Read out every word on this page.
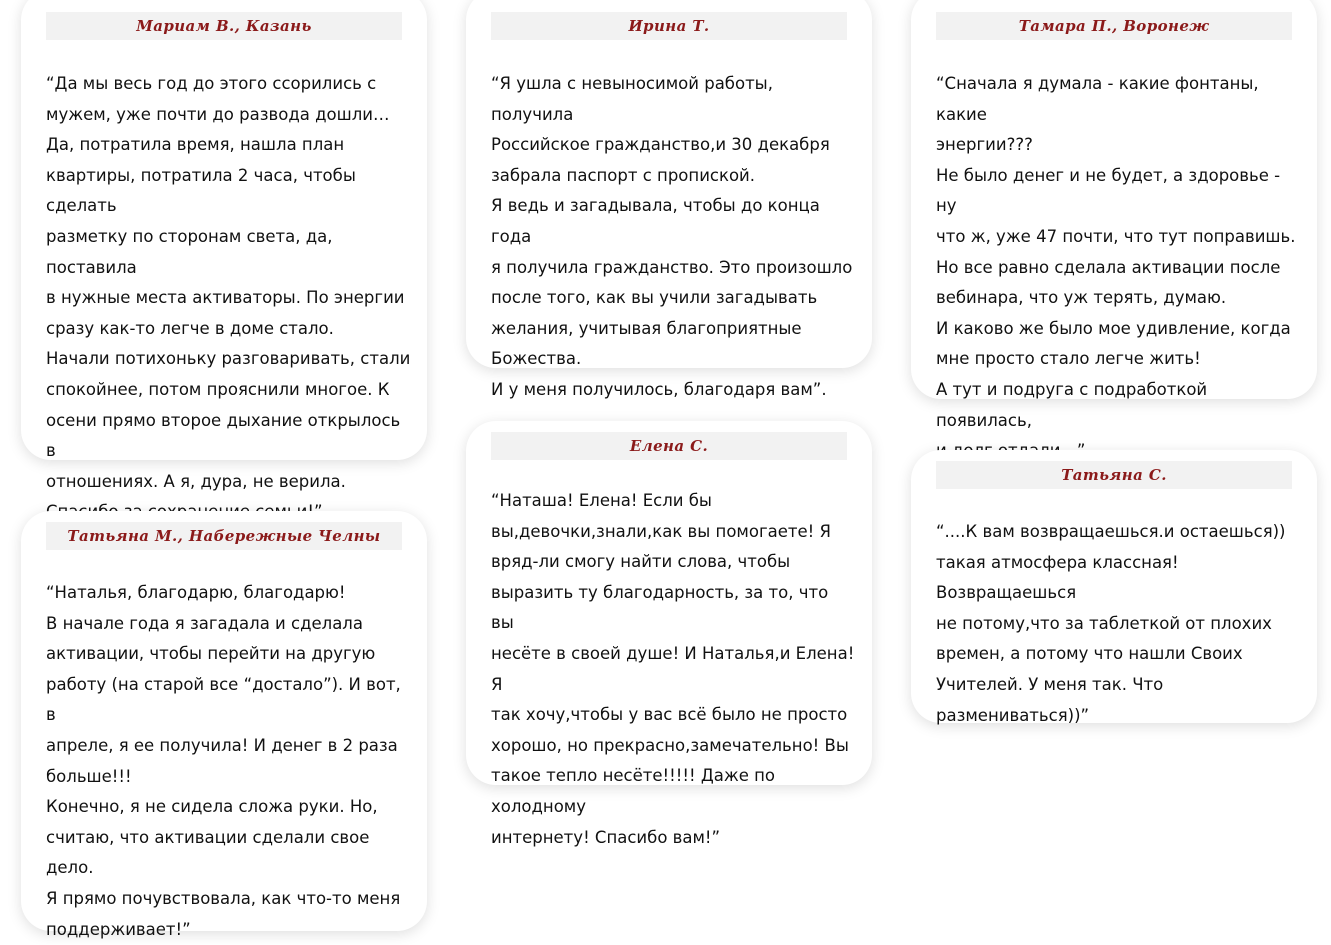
Мариам В., Казань

“Да мы весь год до этого ссорились с
мужем, уже почти до развода дошли…

Да, потратила время, нашла план
квартиры, потратила 2 часа, чтобы сделать
разметку по сторонам света, да, поставила
в нужные места активаторы. По энергии
сразу как-то легче в доме стало.

Начали потихоньку разговаривать, стали
спокойнее, потом прояснили многое. К
осени прямо второе дыхание открылось в
отношениях. А я, дура, не верила.

Ирина Т.

“Я ушла с невыносимой работы, получила
Российское гражданство,и 30 декабря
забрала паспорт с пропиской.

Я ведь и загадывала, чтобы до конца года
я получила гражданство. Это произошло
после того, как вы учили загадывать
желания, учитывая благоприятные
Божества.

И у меня получилось, благодаря вам”.

Тамара П., Воронеж

“Сначала я думала - какие фонтаны, какие
энергии???

Не было денег и не будет, а здоровье - ну
что ж, уже 47 почти, что тут поправишь.

Но все равно сделала активации после
вебинара, что уж терять, думаю.

И каково же было мое удивление, когда
мне просто стало легче жить!

А тут и подруга с подработкой появилась,

Елена С.

“Наташа! Елена! Если бы
вы,девочки,знали,как вы помогаете! Я
вряд-ли смогу найти слова, чтобы
выразить ту благодарность, за то, что вы
несёте в своей душе! И Наталья,и Елена! Я
так хочу,чтобы у вас всё было не просто
хорошо, но прекрасно,замечательно! Вы
такое тепло несёте!!!!! Даже по холодному
интернету! Спасибо вам!”

Татьяна С.

“....К вам возвращаешься.и остаешься))
такая атмосфера классная! Возвращаешься
не потому,что за таблеткой от плохих
времен, а потому что нашли Своих
Учителей. У меня так. Что
размениваться))”

Татьяна М., Набережные Челны

“Наталья, благодарю, благодарю!

В начале года я загадала и сделала
активации, чтобы перейти на другую
работу (на старой все “достало”). И вот, в
апреле, я ее получила! И денег в 2 раза
больше!!!

Конечно, я не сидела сложа руки. Но,
считаю, что активации сделали свое дело.
Я прямо почувствовала, как что-то меня
поддерживает!”
